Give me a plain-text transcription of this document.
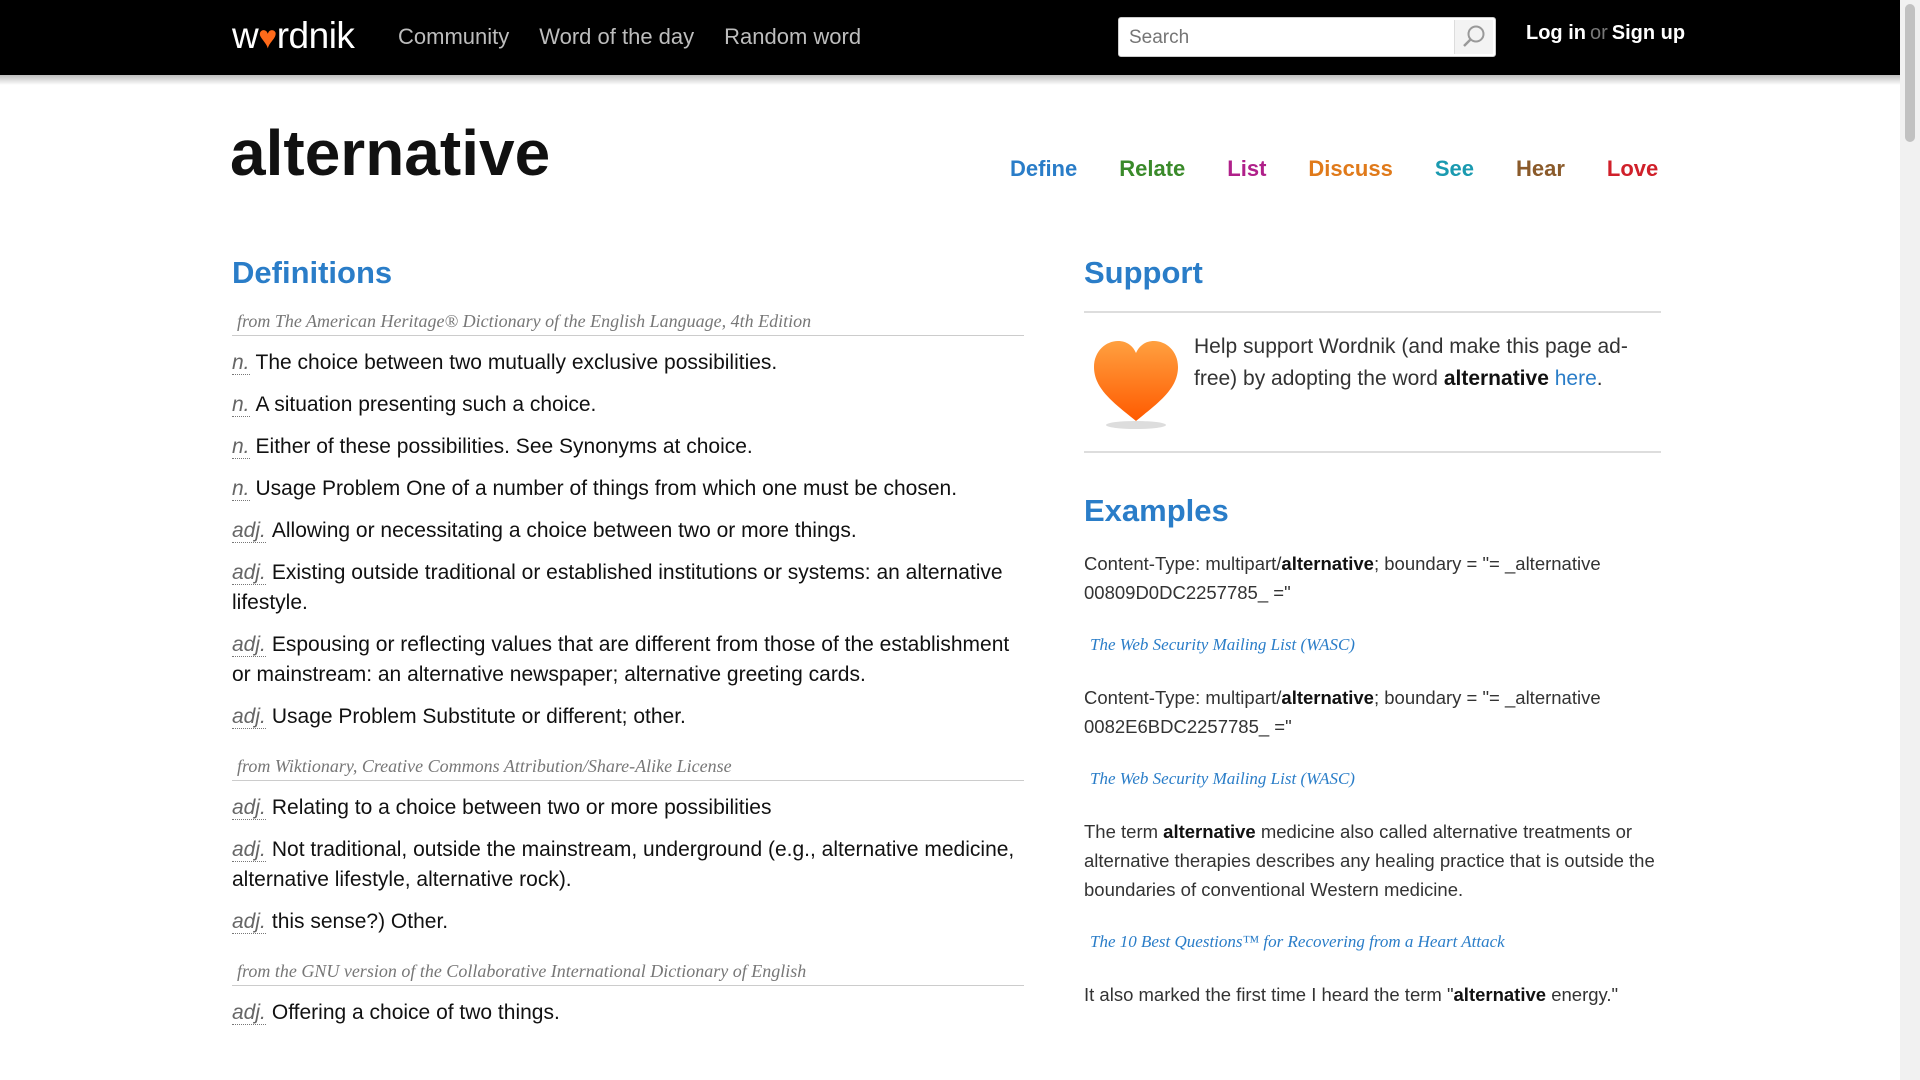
w♥rdnik Community Word of the day Random word
Search	Log in or Sign up
alternative	Define Relate List Discuss See Hear Love
Definitions
from The American Heritage® Dictionary of the English Language, 4th Edition
n. The choice between two mutually exclusive possibilities.
n. A situation presenting such a choice.
n. Either of these possibilities. See Synonyms at choice.
n. Usage Problem One of a number of things from which one must be chosen.
adj. Allowing or necessitating a choice between two or more things.
adj. Existing outside traditional or established institutions or systems: an alternative lifestyle.
adj. Espousing or reflecting values that are different from those of the establishment or mainstream: an alternative newspaper; alternative greeting cards.
adj. Usage Problem Substitute or different; other.
from Wiktionary, Creative Commons Attribution/Share-Alike License
adj. Relating to a choice between two or more possibilities
adj. Not traditional, outside the mainstream, underground (e.g., alternative medicine, alternative lifestyle, alternative rock).
adj. this sense?) Other.
from the GNU version of the Collaborative International Dictionary of English
adj. Offering a choice of two things.
Support
Help support Wordnik (and make this page ad-free) by adopting the word alternative here.
Examples
Content-Type: multipart/alternative; boundary = "= _alternative 00809D0DC2257785_ ="
The Web Security Mailing List (WASC)
Content-Type: multipart/alternative; boundary = "= _alternative 0082E6BDC2257785_ ="
The Web Security Mailing List (WASC)
The term alternative medicine also called alternative treatments or alternative therapies describes any healing practice that is outside the boundaries of conventional Western medicine.
The 10 Best Questions™ for Recovering from a Heart Attack
It also marked the first time I heard the term "alternative energy."
